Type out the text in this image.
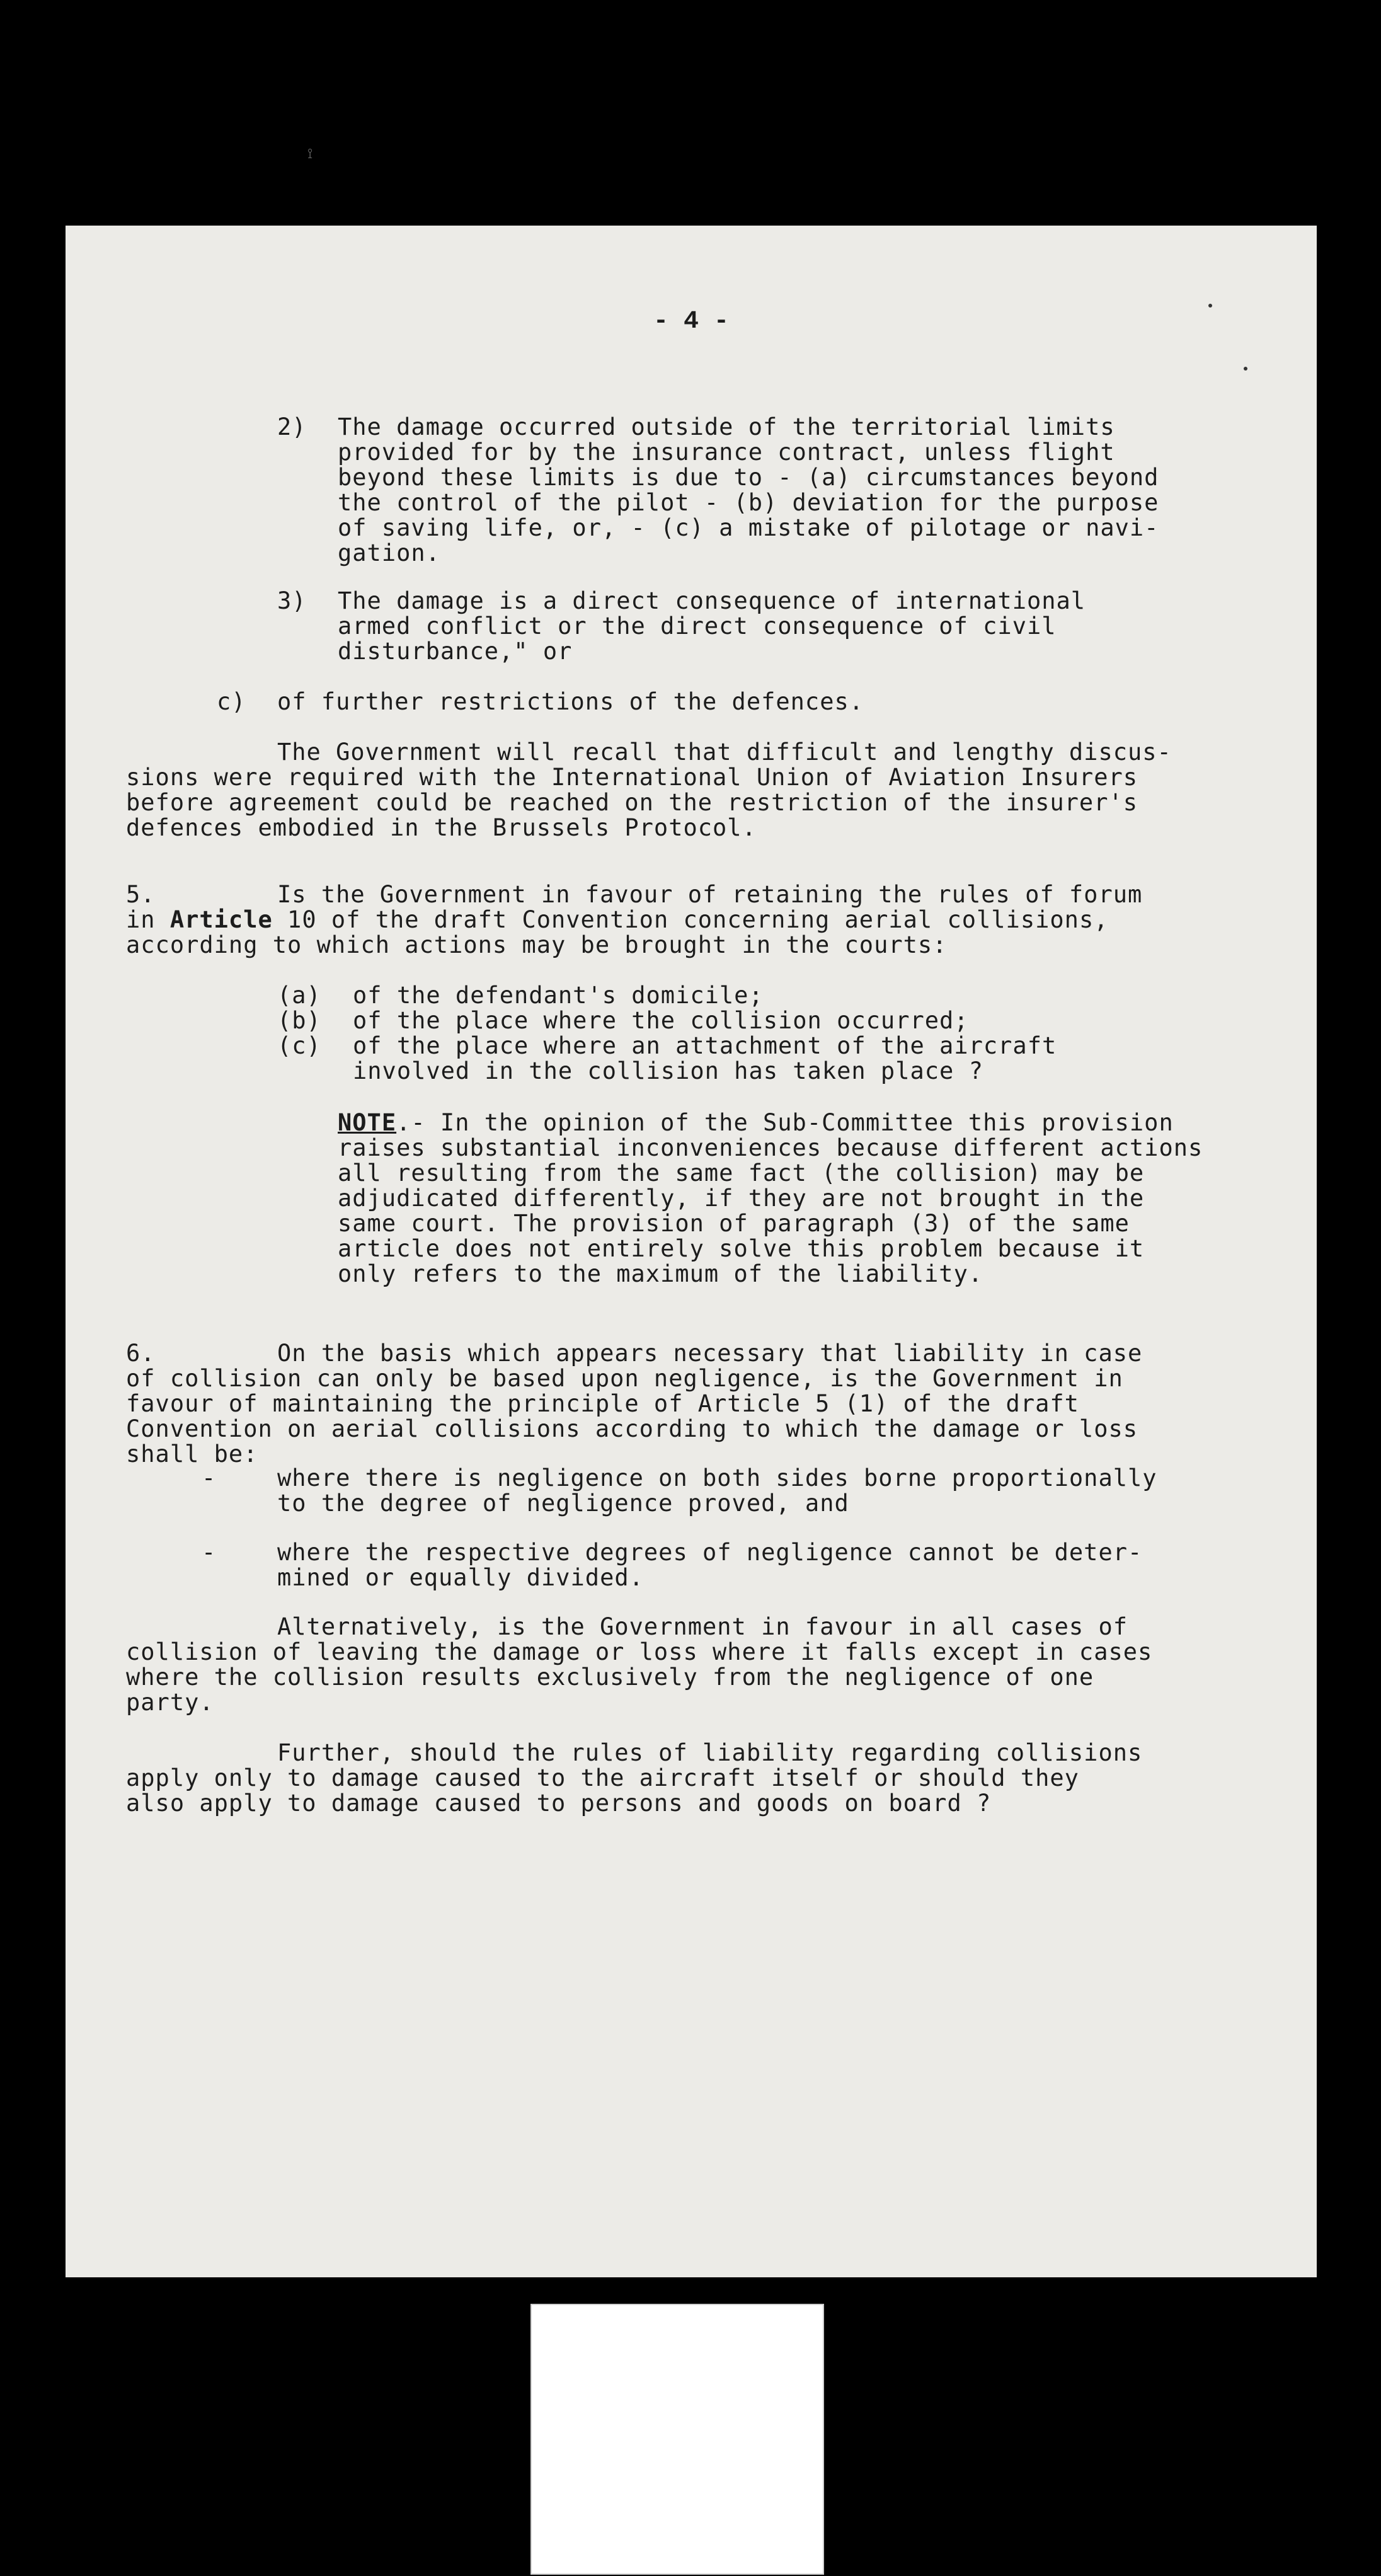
⟟
- 4 -
2) The damage occurred outside of the territorial limits
provided for by the insurance contract, unless flight
beyond these limits is due to - (a) circumstances beyond
the control of the pilot - (b) deviation for the purpose
of saving life, or, - (c) a mistake of pilotage or navi-
gation.
3) The damage is a direct consequence of international
armed conflict or the direct consequence of civil
disturbance," or
c) of further restrictions of the defences.
The Government will recall that difficult and lengthy discus-
sions were required with the International Union of Aviation Insurers
before agreement could be reached on the restriction of the insurer's
defences embodied in the Brussels Protocol.
5.	Is the Government in favour of retaining the rules of forum
in Article 10 of the draft Convention concerning aerial collisions,
according to which actions may be brought in the courts:
(a) of the defendant's domicile;
(b) of the place where the collision occurred;
(c) of the place where an attachment of the aircraft
involved in the collision has taken place ?
NOTE.- In the opinion of the Sub-Committee this provision
raises substantial inconveniences because different actions
all resulting from the same fact (the collision) may be
adjudicated differently, if they are not brought in the
same court. The provision of paragraph (3) of the same
article does not entirely solve this problem because it
only refers to the maximum of the liability.
6.	On the basis which appears necessary that liability in case
of collision can only be based upon negligence, is the Government in
favour of maintaining the principle of Article 5 (1) of the draft
Convention on aerial collisions according to which the damage or loss
shall be:
-	where there is negligence on both sides borne proportionally
to the degree of negligence proved, and
-	where the respective degrees of negligence cannot be deter-
mined or equally divided.
Alternatively, is the Government in favour in all cases of
collision of leaving the damage or loss where it falls except in cases
where the collision results exclusively from the negligence of one
party.
Further, should the rules of liability regarding collisions
apply only to damage caused to the aircraft itself or should they
also apply to damage caused to persons and goods on board ?
